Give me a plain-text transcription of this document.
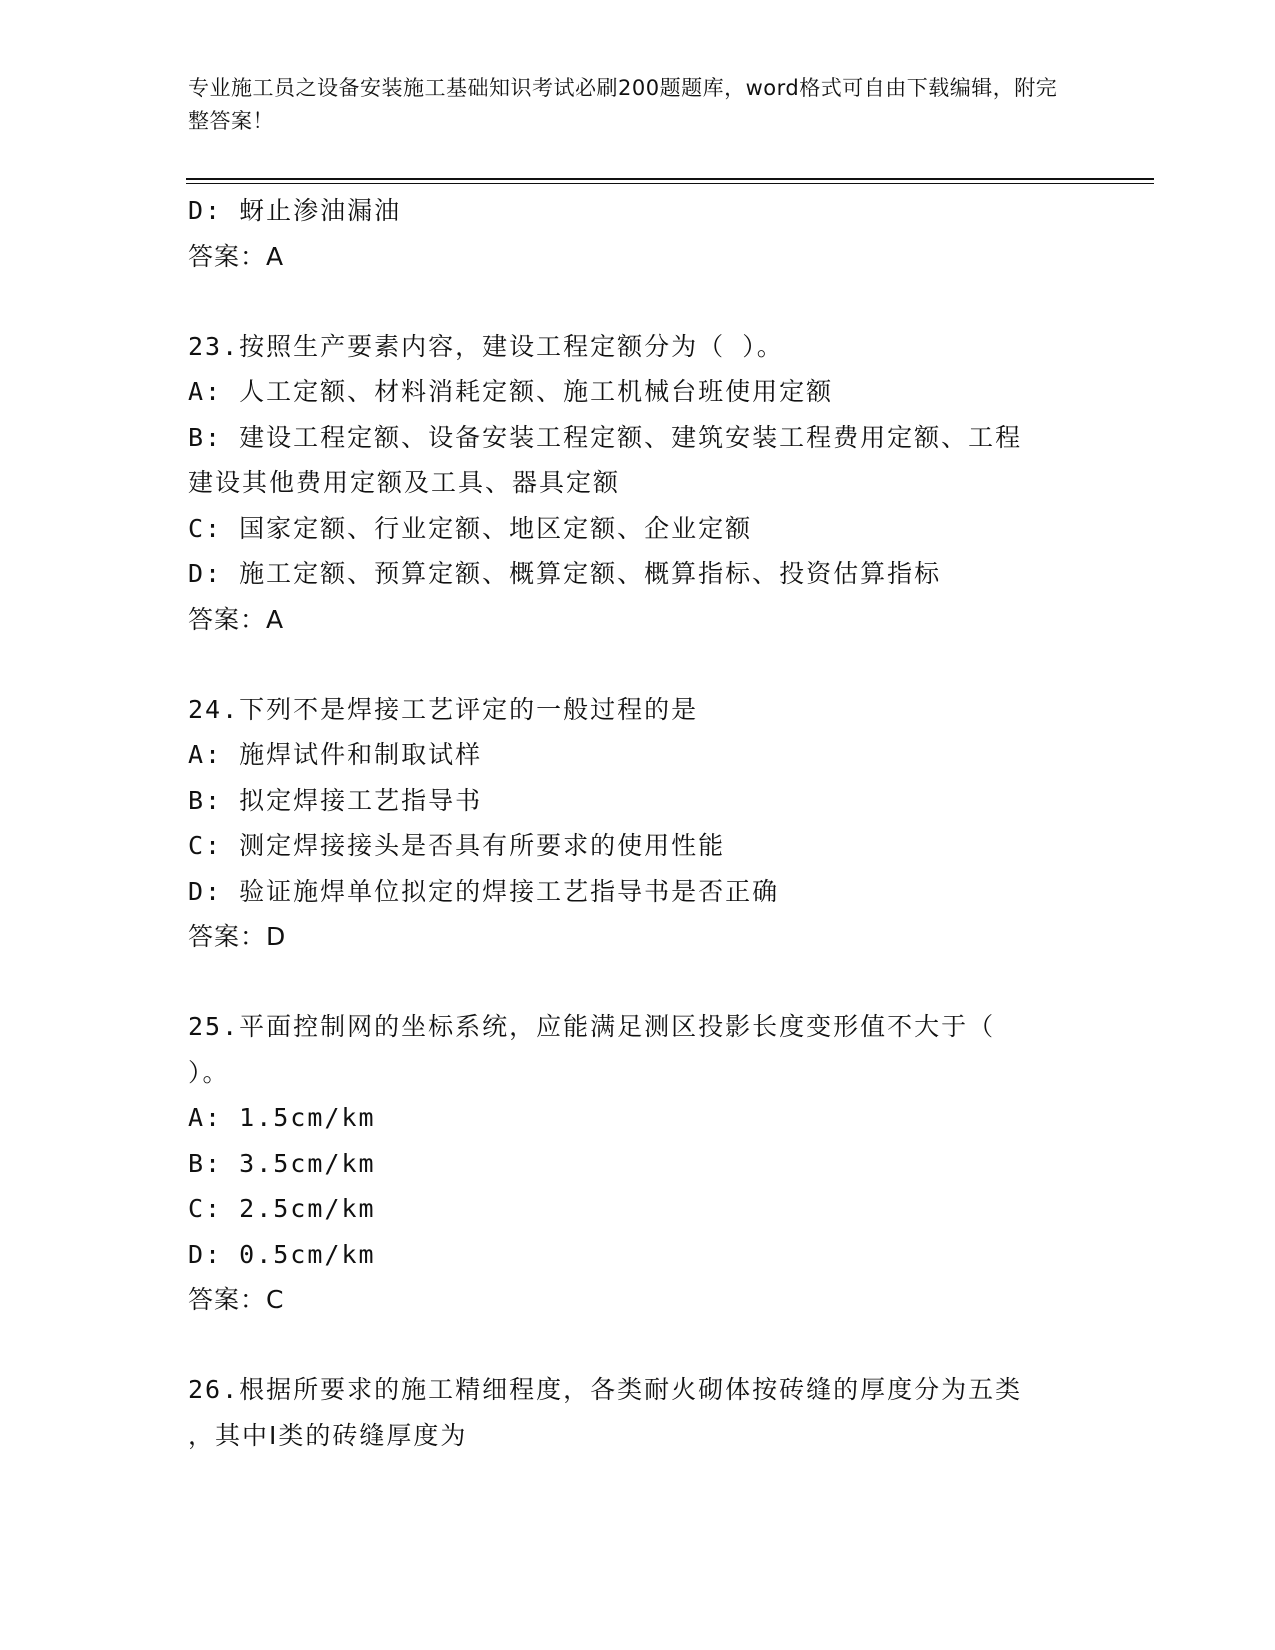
专业施工员之设备安装施工基础知识考试必刷200题题库，word格式可自由下载编辑，附完整答案！
D: 蚜止渗油漏油
答案：A
23.按照生产要素内容，建设工程定额分为（ ）。
A: 人工定额、材料消耗定额、施工机械台班使用定额
B: 建设工程定额、设备安装工程定额、建筑安装工程费用定额、工程
建设其他费用定额及工具、器具定额
C: 国家定额、行业定额、地区定额、企业定额
D: 施工定额、预算定额、概算定额、概算指标、投资估算指标
答案：A
24.下列不是焊接工艺评定的一般过程的是
A: 施焊试件和制取试样
B: 拟定焊接工艺指导书
C: 测定焊接接头是否具有所要求的使用性能
D: 验证施焊单位拟定的焊接工艺指导书是否正确
答案：D
25.平面控制网的坐标系统，应能满足测区投影长度变形值不大于（
）。
A: 1.5cm/km
B: 3.5cm/km
C: 2.5cm/km
D: 0.5cm/km
答案：C
26.根据所要求的施工精细程度，各类耐火砌体按砖缝的厚度分为五类
，其中Ⅰ类的砖缝厚度为
